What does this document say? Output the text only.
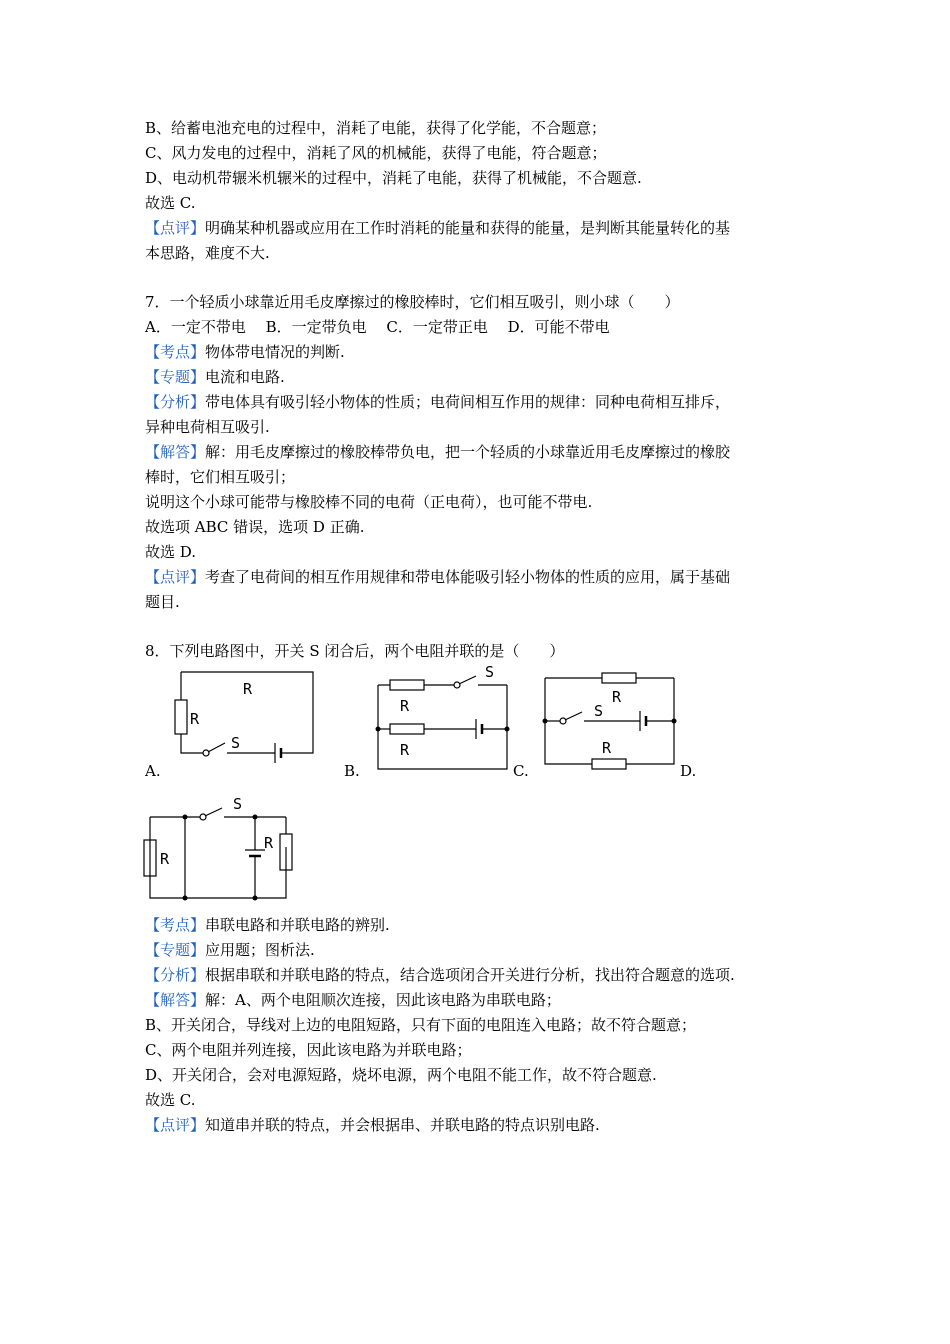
B、给蓄电池充电的过程中，消耗了电能，获得了化学能，不合题意；
C、风力发电的过程中，消耗了风的机械能，获得了电能，符合题意；
D、电动机带辗米机辗米的过程中，消耗了电能，获得了机械能，不合题意.
故选 C.
【点评】明确某种机器或应用在工作时消耗的能量和获得的能量，是判断其能量转化的基
本思路，难度不大.
7．一个轻质小球靠近用毛皮摩擦过的橡胶棒时，它们相互吸引，则小球（　　）
A．一定不带电　 B．一定带负电　 C．一定带正电　 D．可能不带电
【考点】物体带电情况的判断.
【专题】电流和电路.
【分析】带电体具有吸引轻小物体的性质；电荷间相互作用的规律：同种电荷相互排斥，
异种电荷相互吸引.
【解答】解：用毛皮摩擦过的橡胶棒带负电，把一个轻质的小球靠近用毛皮摩擦过的橡胶
棒时，它们相互吸引；
说明这个小球可能带与橡胶棒不同的电荷（正电荷），也可能不带电.
故选项 ABC 错误，选项 D 正确.
故选 D.
【点评】考查了电荷间的相互作用规律和带电体能吸引轻小物体的性质的应用，属于基础
题目.
8．下列电路图中，开关 S 闭合后，两个电阻并联的是（　　）
R
R
S
A.
R
R
S
B.
R
R
S
C.	D.
R
R
S
【考点】串联电路和并联电路的辨别.
【专题】应用题；图析法.
【分析】根据串联和并联电路的特点，结合选项闭合开关进行分析，找出符合题意的选项.
【解答】解：A、两个电阻顺次连接，因此该电路为串联电路；
B、开关闭合，导线对上边的电阻短路，只有下面的电阻连入电路；故不符合题意；
C、两个电阻并列连接，因此该电路为并联电路；
D、开关闭合，会对电源短路，烧坏电源，两个电阻不能工作，故不符合题意.
故选 C.
【点评】知道串并联的特点，并会根据串、并联电路的特点识别电路.
